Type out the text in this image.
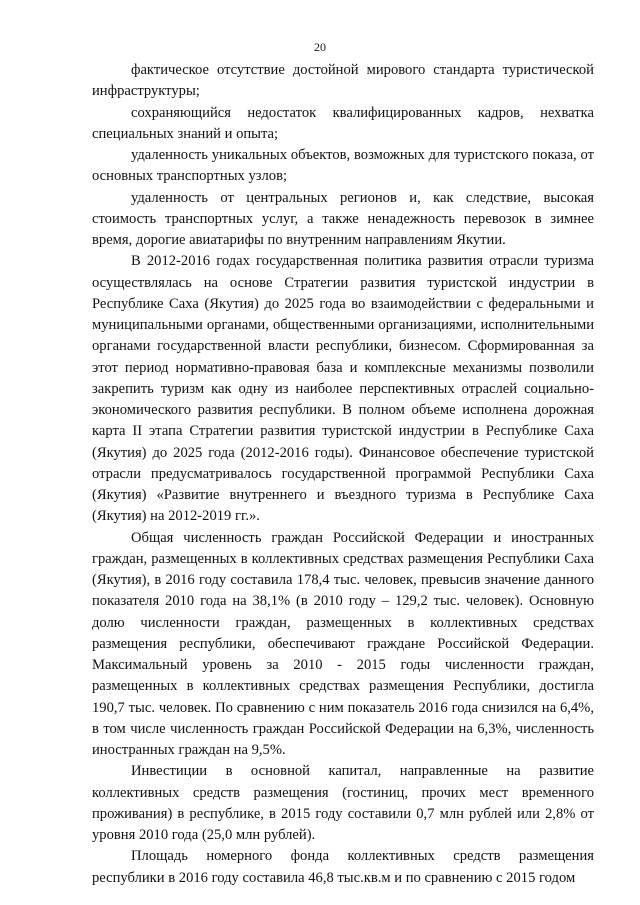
20

фактическое отсутствие достойной мирового стандарта туристической инфраструктуры;

сохраняющийся недостаток квалифицированных кадров, нехватка специальных знаний и опыта;

удаленность уникальных объектов, возможных для туристского показа, от основных транспортных узлов;

удаленность от центральных регионов и, как следствие, высокая стоимость транспортных услуг, а также ненадежность перевозок в зимнее время, дорогие авиатарифы по внутренним направлениям Якутии.

В 2012-2016 годах государственная политика развития отрасли туризма осуществлялась на основе Стратегии развития туристской индустрии в Республике Саха (Якутия) до 2025 года во взаимодействии с федеральными и муниципальными органами, общественными организациями, исполнительными органами государственной власти республики, бизнесом. Сформированная за этот период нормативно-правовая база и комплексные механизмы позволили закрепить туризм как одну из наиболее перспективных отраслей социально-экономического развития республики. В полном объеме исполнена дорожная карта II этапа Стратегии развития туристской индустрии в Республике Саха (Якутия) до 2025 года (2012-2016 годы). Финансовое обеспечение туристской отрасли предусматривалось государственной программой Республики Саха (Якутия) «Развитие внутреннего и въездного туризма в Республике Саха (Якутия) на 2012-2019 гг.».

Общая численность граждан Российской Федерации и иностранных граждан, размещенных в коллективных средствах размещения Республики Саха (Якутия), в 2016 году составила 178,4 тыс. человек, превысив значение данного показателя 2010 года на 38,1% (в 2010 году – 129,2 тыс. человек). Основную долю численности граждан, размещенных в коллективных средствах размещения республики, обеспечивают граждане Российской Федерации. Максимальный уровень за 2010 - 2015 годы численности граждан, размещенных в коллективных средствах размещения Республики, достигла 190,7 тыс. человек. По сравнению с ним показатель 2016 года снизился на 6,4%, в том числе численность граждан Российской Федерации на 6,3%, численность иностранных граждан на 9,5%.

Инвестиции в основной капитал, направленные на развитие коллективных средств размещения (гостиниц, прочих мест временного проживания) в республике, в 2015 году составили 0,7 млн рублей или 2,8% от уровня 2010 года (25,0 млн рублей).

Площадь номерного фонда коллективных средств размещения республики в 2016 году составила 46,8 тыс.кв.м и по сравнению с 2015 годом
